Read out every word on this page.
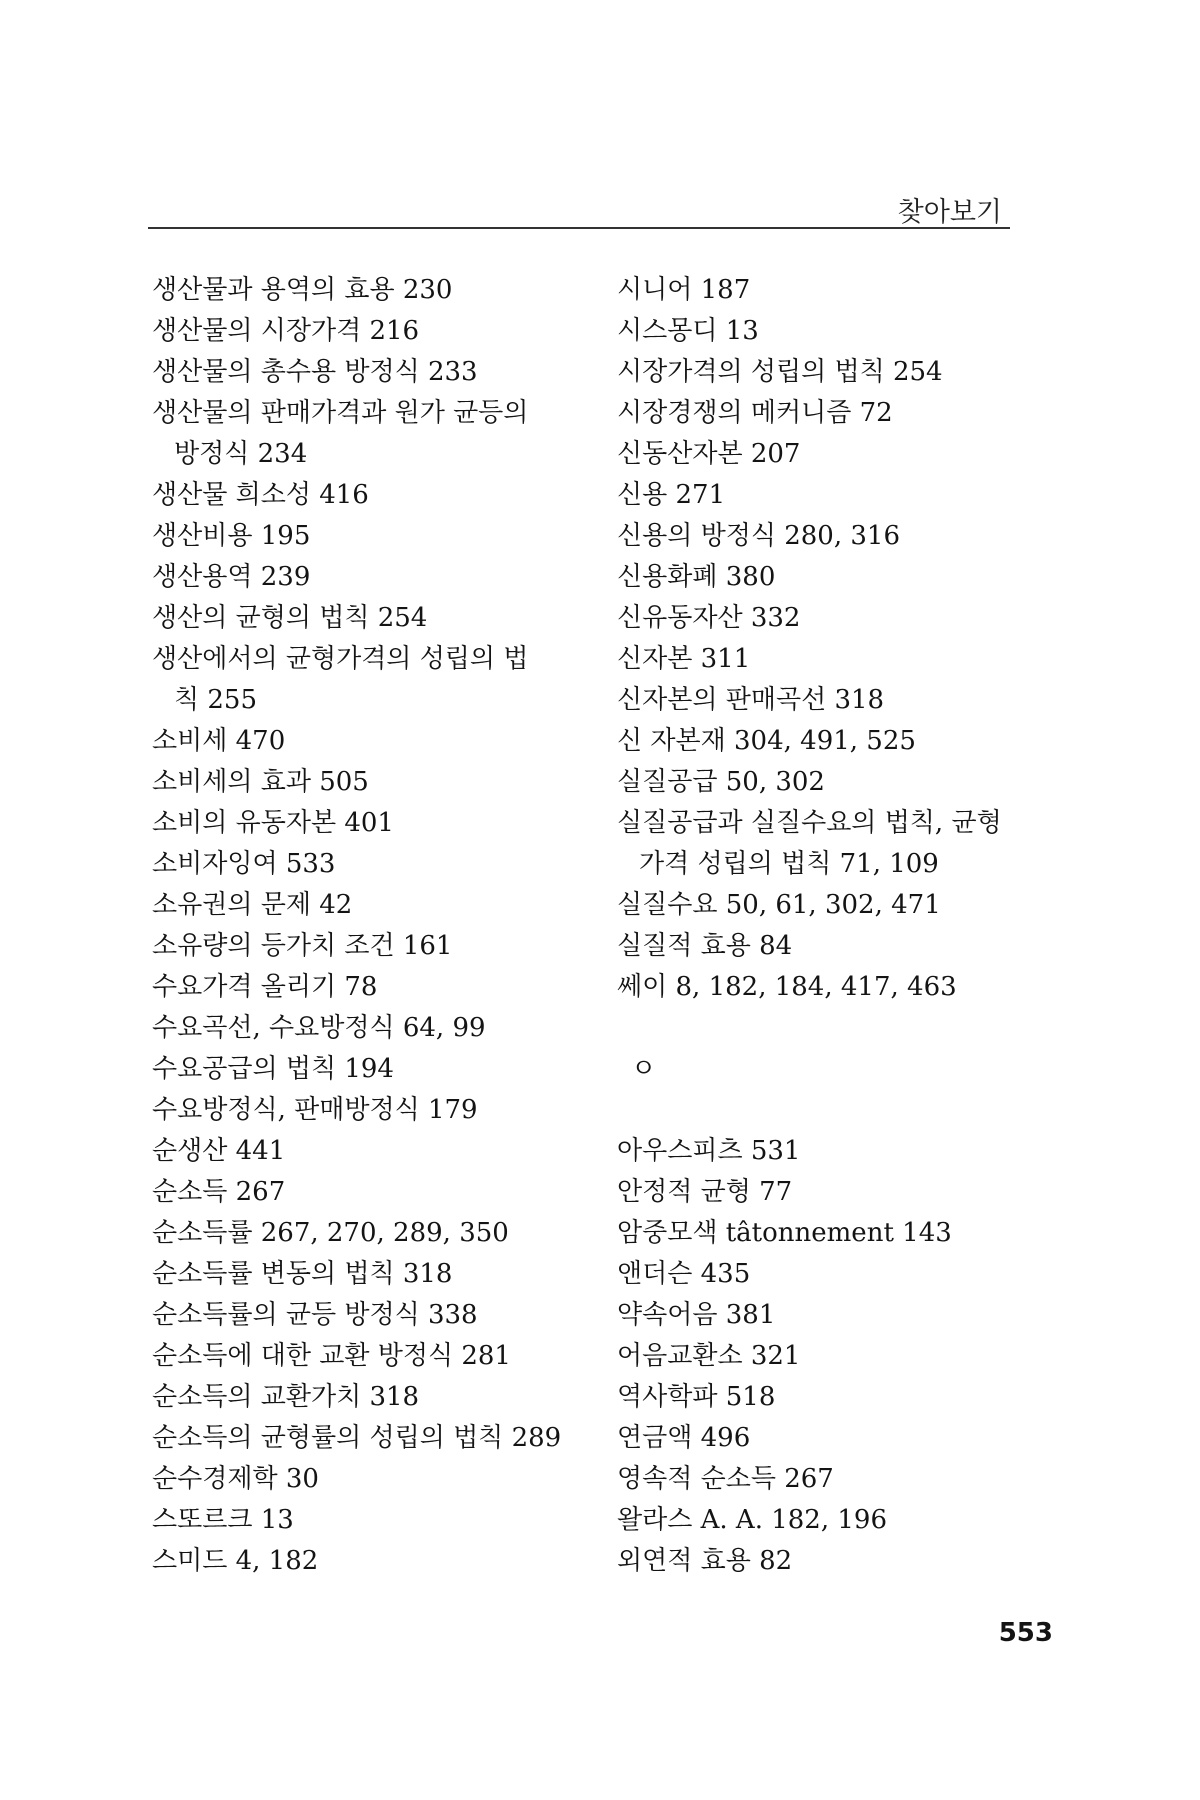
찾아보기
생산물과 용역의 효용 230
생산물의 시장가격 216
생산물의 총수용 방정식 233
생산물의 판매가격과 원가 균등의
방정식 234
생산물 희소성 416
생산비용 195
생산용역 239
생산의 균형의 법칙 254
생산에서의 균형가격의 성립의 법
칙 255
소비세 470
소비세의 효과 505
소비의 유동자본 401
소비자잉여 533
소유권의 문제 42
소유량의 등가치 조건 161
수요가격 올리기 78
수요곡선, 수요방정식 64, 99
수요공급의 법칙 194
수요방정식, 판매방정식 179
순생산 441
순소득 267
순소득률 267, 270, 289, 350
순소득률 변동의 법칙 318
순소득률의 균등 방정식 338
순소득에 대한 교환 방정식 281
순소득의 교환가치 318
순소득의 균형률의 성립의 법칙 289
순수경제학 30
스또르크 13
스미드 4, 182
시니어 187
시스몽디 13
시장가격의 성립의 법칙 254
시장경쟁의 메커니즘 72
신동산자본 207
신용 271
신용의 방정식 280, 316
신용화폐 380
신유동자산 332
신자본 311
신자본의 판매곡선 318
신 자본재 304, 491, 525
실질공급 50, 302
실질공급과 실질수요의 법칙, 균형
가격 성립의 법칙 71, 109
실질수요 50, 61, 302, 471
실질적 효용 84
쎄이 8, 182, 184, 417, 463
ㅇ
아우스피츠 531
안정적 균형 77
암중모색 tâtonnement 143
앤더슨 435
약속어음 381
어음교환소 321
역사학파 518
연금액 496
영속적 순소득 267
왈라스 A. A. 182, 196
외연적 효용 82
553
